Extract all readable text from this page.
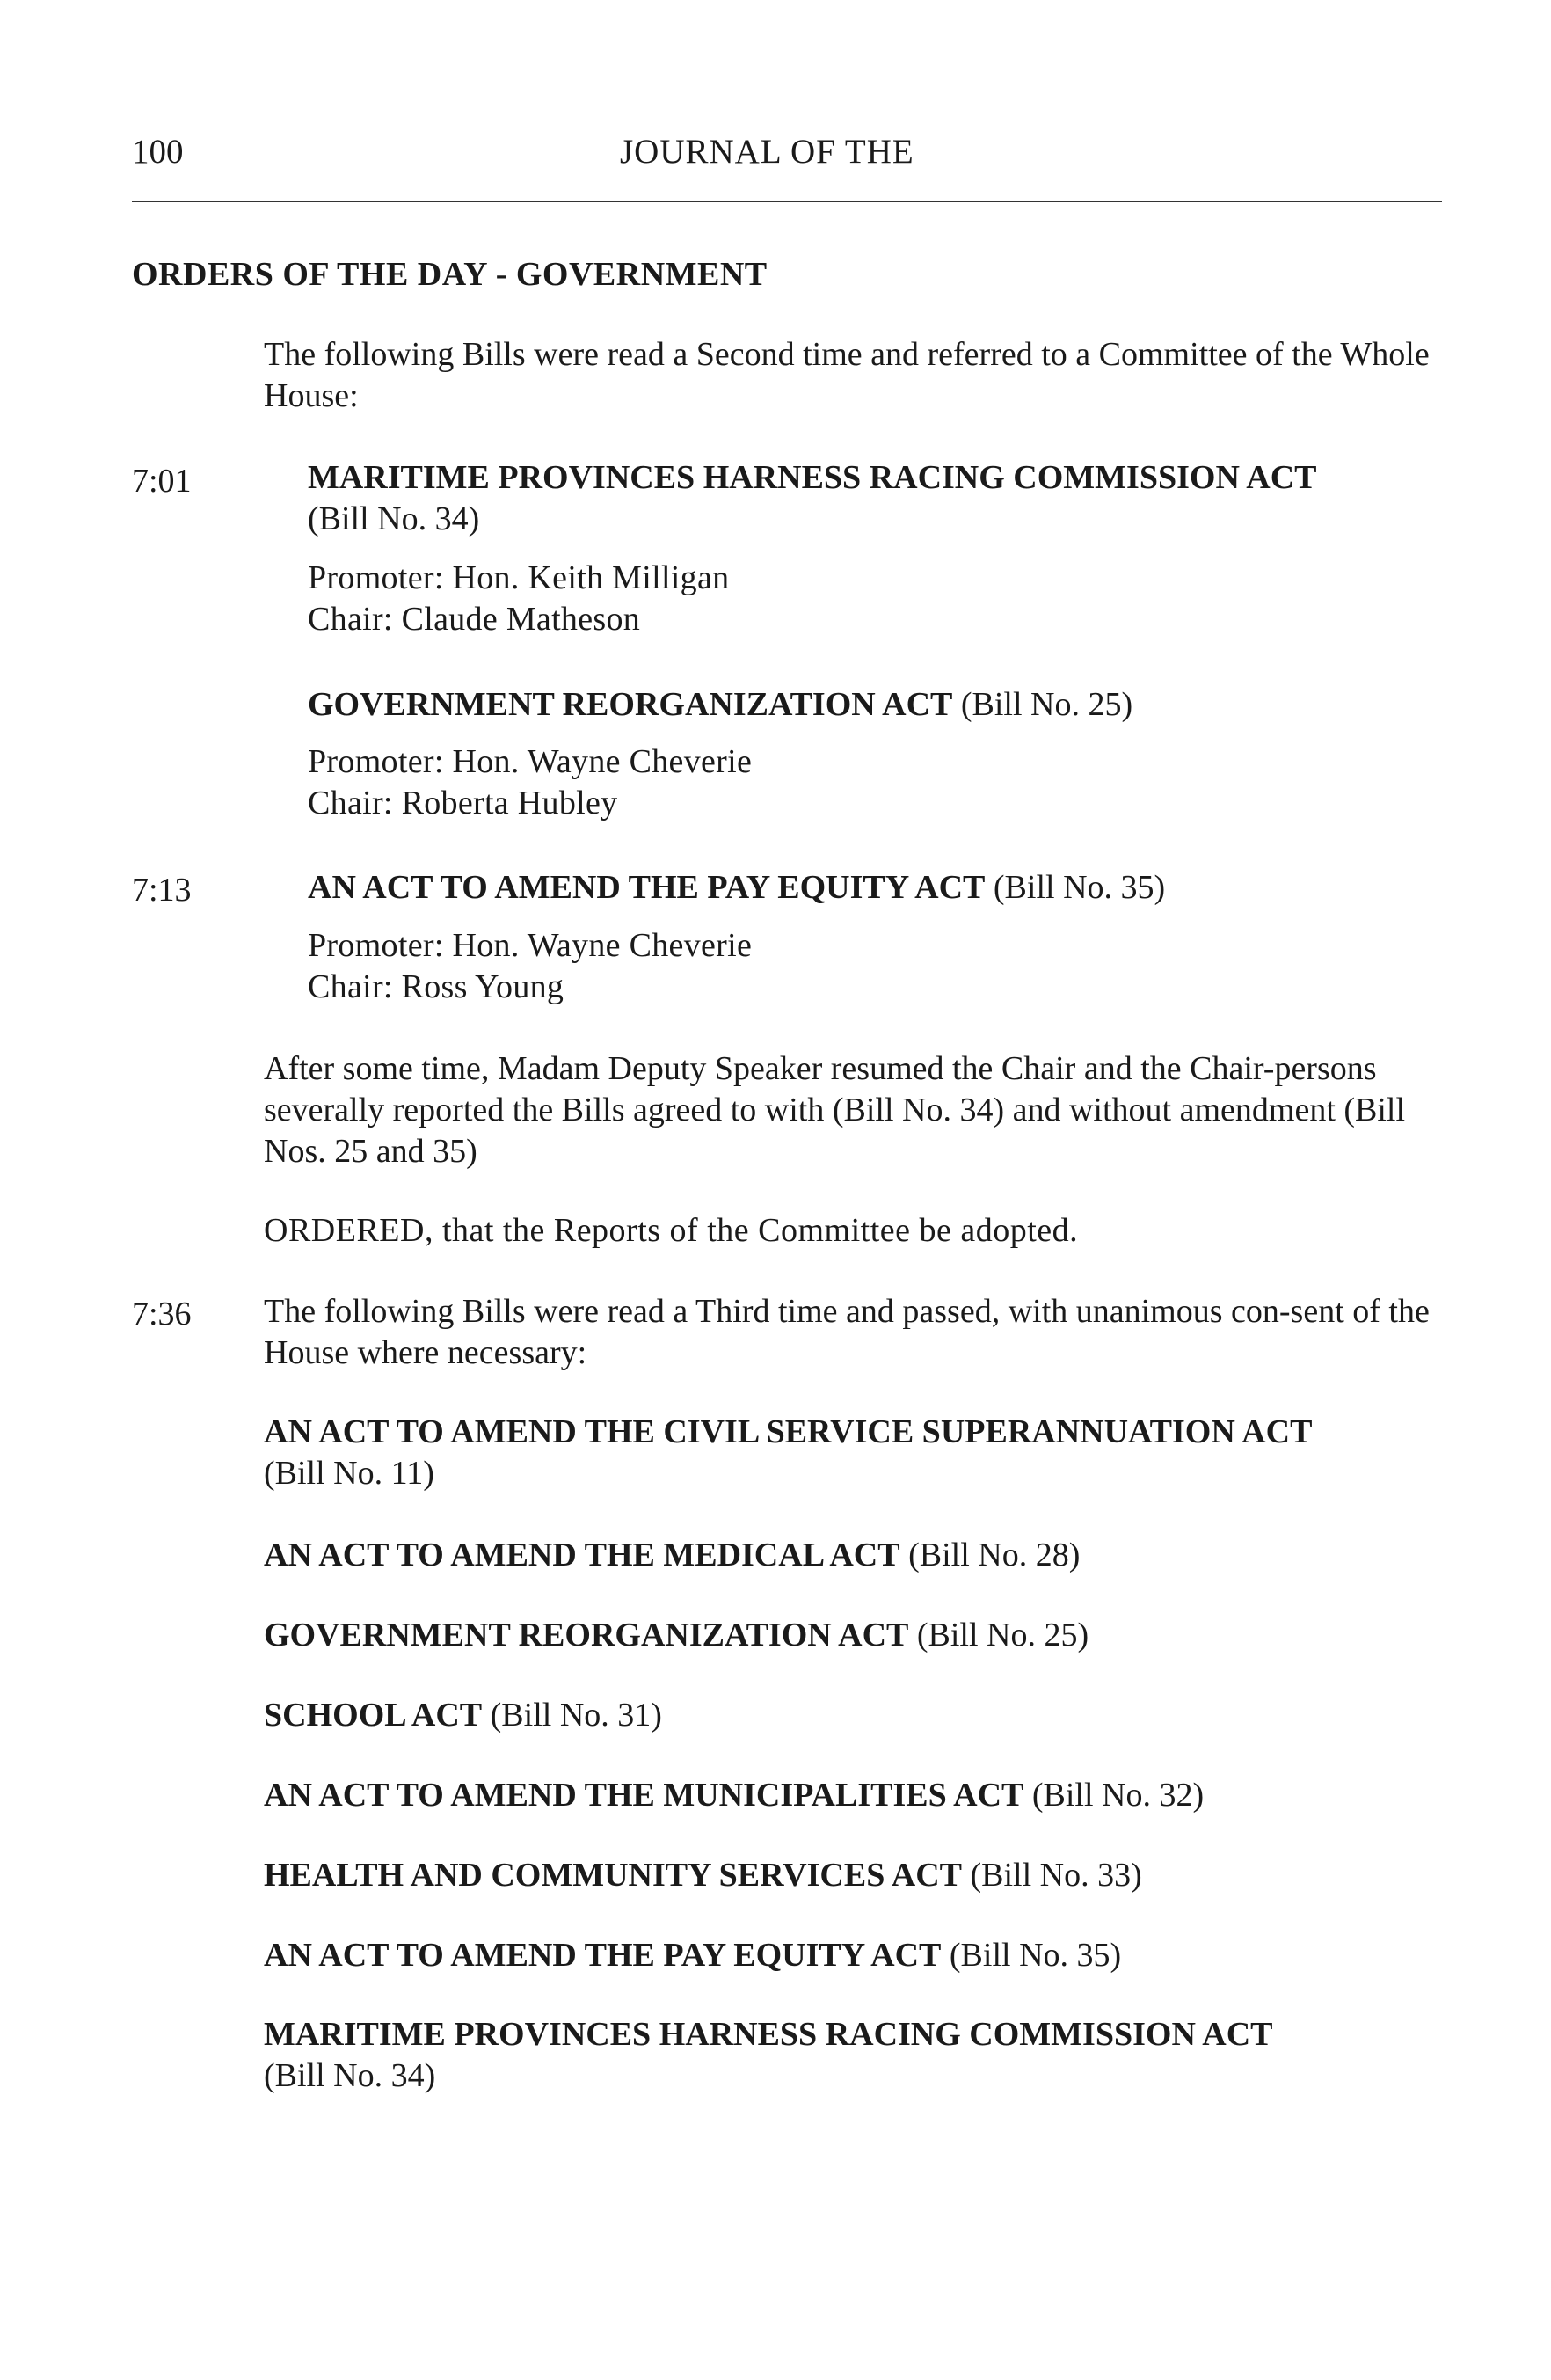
100	JOURNAL OF THE
ORDERS OF THE DAY - GOVERNMENT
The following Bills were read a Second time and referred to a Committee of the Whole House:
7:01	MARITIME PROVINCES HARNESS RACING COMMISSION ACT
(Bill No. 34)
Promoter: Hon. Keith Milligan
Chair: Claude Matheson
GOVERNMENT REORGANIZATION ACT (Bill No. 25)
Promoter: Hon. Wayne Cheverie
Chair: Roberta Hubley
7:13	AN ACT TO AMEND THE PAY EQUITY ACT (Bill No. 35)
Promoter: Hon. Wayne Cheverie
Chair: Ross Young
After some time, Madam Deputy Speaker resumed the Chair and the Chair-persons severally reported the Bills agreed to with (Bill No. 34) and without amendment (Bill Nos. 25 and 35)
ORDERED, that the Reports of the Committee be adopted.
7:36 The following Bills were read a Third time and passed, with unanimous con-sent of the House where necessary:
AN ACT TO AMEND THE CIVIL SERVICE SUPERANNUATION ACT
(Bill No. 11)
AN ACT TO AMEND THE MEDICAL ACT (Bill No. 28)
GOVERNMENT REORGANIZATION ACT (Bill No. 25)
SCHOOL ACT (Bill No. 31)
AN ACT TO AMEND THE MUNICIPALITIES ACT (Bill No. 32)
HEALTH AND COMMUNITY SERVICES ACT (Bill No. 33)
AN ACT TO AMEND THE PAY EQUITY ACT (Bill No. 35)
MARITIME PROVINCES HARNESS RACING COMMISSION ACT
(Bill No. 34)
